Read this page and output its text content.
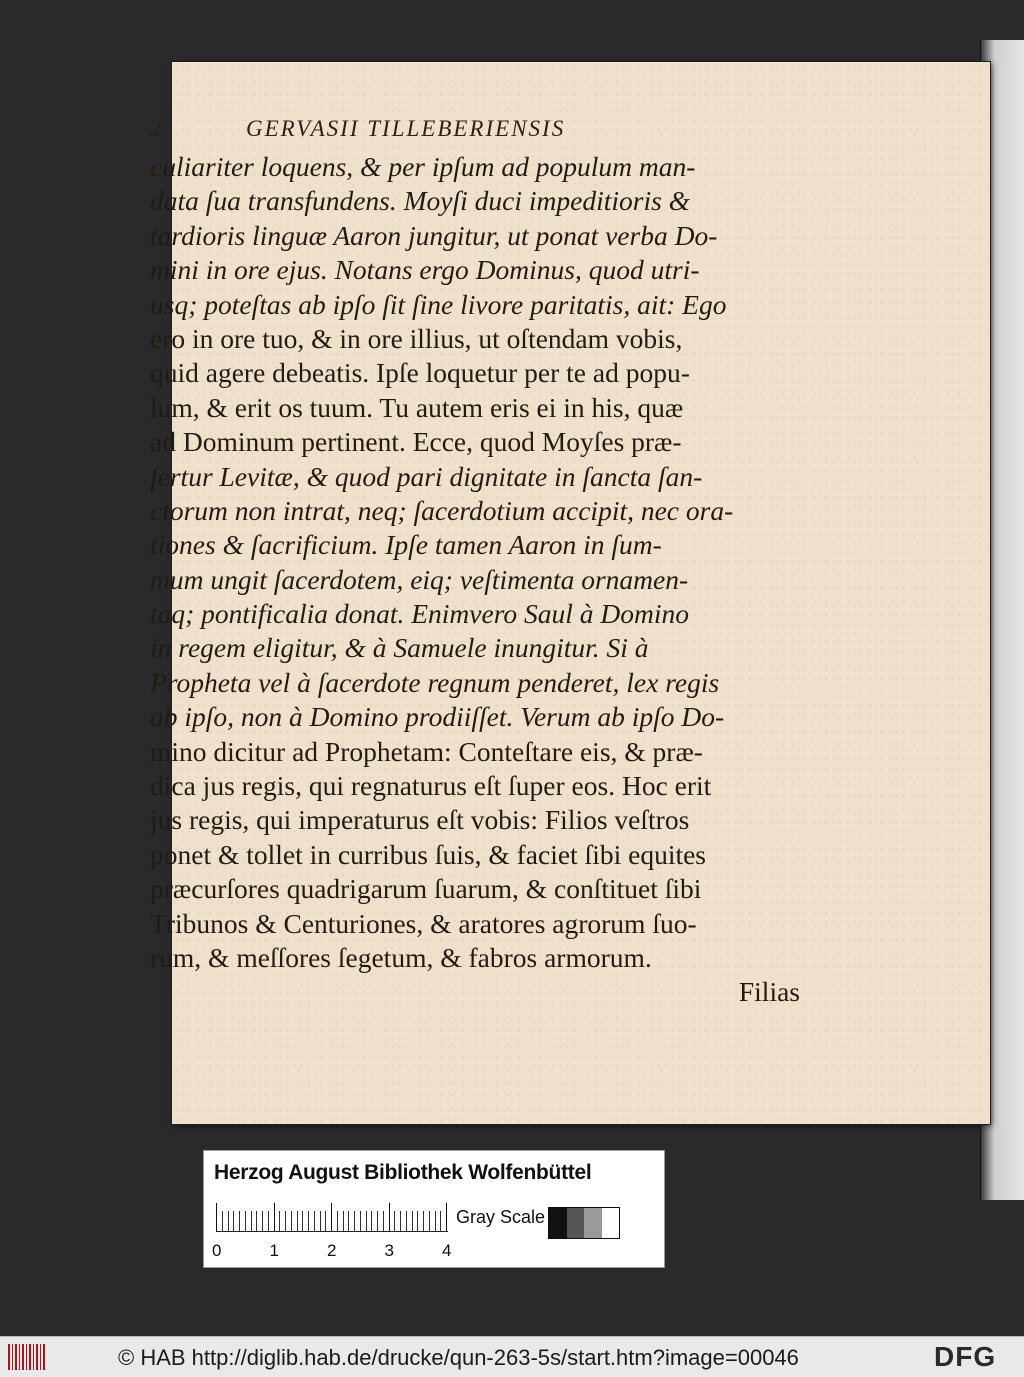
2	GERVASII TILLEBERIENSIS
culiariter loquens, & per ipſum ad populum man-
data ſua transfundens. Moyſi duci impeditioris &
tardioris linguæ Aaron jungitur, ut ponat verba Do-
mini in ore ejus. Notans ergo Dominus, quod utri-
usq; poteſtas ab ipſo ſit ſine livore paritatis, ait: Ego
ero in ore tuo, & in ore illius, ut oſtendam vobis,
quid agere debeatis. Ipſe loquetur per te ad popu-
lum, & erit os tuum. Tu autem eris ei in his, quæ
ad Dominum pertinent. Ecce, quod Moyſes præ-
fertur Levitæ, & quod pari dignitate in ſancta ſan-
ctorum non intrat, neq; ſacerdotium accipit, nec ora-
tiones & ſacrificium. Ipſe tamen Aaron in ſum-
mum ungit ſacerdotem, eiq; veſtimenta ornamen-
taq; pontificalia donat. Enimvero Saul à Domino
in regem eligitur, & à Samuele inungitur. Si à
Propheta vel à ſacerdote regnum penderet, lex regis
ab ipſo, non à Domino prodiiſſet. Verum ab ipſo Do-
mino dicitur ad Prophetam: Conteſtare eis, & præ-
dica jus regis, qui regnaturus eſt ſuper eos. Hoc erit
jus regis, qui imperaturus eſt vobis: Filios veſtros
ponet & tollet in curribus ſuis, & faciet ſibi equites
præcurſores quadrigarum ſuarum, & conſtituet ſibi
Tribunos & Centuriones, & aratores agrorum ſuo-
rum, & meſſores ſegetum, & fabros armorum.
Filias
Herzog August Bibliothek Wolfenbüttel
0	1	2	3	4
Gray Scale
© HAB http://diglib.hab.de/drucke/qun-263-5s/start.htm?image=00046	DFG
